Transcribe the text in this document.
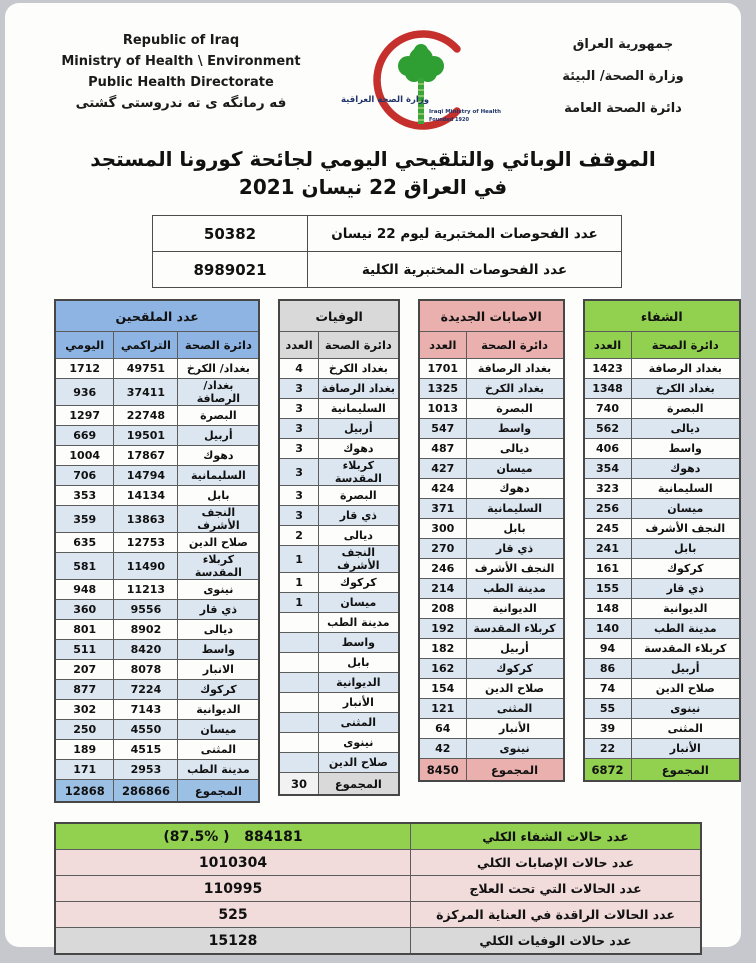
Republic of Iraq
Ministry of Health \ Environment
Public Health Directorate
فه رمانگه ی ته ندروستی گشتی	وزارة الصحة العراقية
Iraqi Ministry of Health
Founded 1920
جمهورية العراق
وزارة الصحة/ البيئة
دائرة الصحة العامة
الموقف الوبائي والتلقيحي اليومي لجائحة كورونا المستجد
في العراق 22 نيسان 2021
50382	عدد الفحوصات المختبرية ليوم 22 نيسان
8989021	عدد الفحوصات المختبرية الكلية
عدد الملقحين		
اليومي	التراكمي	دائرة الصحة
1712	49751	بغداد/ الكرخ
936	37411	بغداد/ الرصافة
1297	22748	البصرة
669	19501	أربيل
1004	17867	دهوك
706	14794	السليمانية
353	14134	بابل
359	13863	النجف الأشرف
635	12753	صلاح الدين
581	11490	كربلاء المقدسة
948	11213	نينوى
360	9556	ذي قار
801	8902	ديالى
511	8420	واسط
207	8078	الانبار
877	7224	كركوك
302	7143	الديوانية
250	4550	ميسان
189	4515	المثنى
171	2953	مدينة الطب
12868	286866	المجموع
الوفيات	
العدد	دائرة الصحة
4	بغداد الكرخ
3	بغداد الرصافة
3	السليمانية
3	أربيل
3	دهوك
3	كربلاء المقدسة
3	البصرة
3	ذي قار
2	ديالى
1	النجف الأشرف
1	كركوك
1	ميسان
	مدينة الطب
	واسط
	بابل
	الديوانية
	الأنبار
	المثنى
	نينوى
	صلاح الدين
30	المجموع
الاصابات الجديدة	
العدد	دائرة الصحة
1701	بغداد الرصافة
1325	بغداد الكرخ
1013	البصرة
547	واسط
487	ديالى
427	ميسان
424	دهوك
371	السليمانية
300	بابل
270	ذي قار
246	النجف الأشرف
214	مدينة الطب
208	الديوانية
192	كربلاء المقدسة
182	أربيل
162	كركوك
154	صلاح الدين
121	المثنى
64	الأنبار
42	نينوى
8450	المجموع
الشفاء	
العدد	دائرة الصحة
1423	بغداد الرصافة
1348	بغداد الكرخ
740	البصرة
562	ديالى
406	واسط
354	دهوك
323	السليمانية
256	ميسان
245	النجف الأشرف
241	بابل
161	كركوك
155	ذي قار
148	الديوانية
140	مدينة الطب
94	كربلاء المقدسة
86	أربيل
74	صلاح الدين
55	نينوى
39	المثنى
22	الأنبار
6872	المجموع
(87.5% )   884181	عدد حالات الشفاء الكلي
1010304	عدد حالات الإصابات الكلي
110995	عدد الحالات التي تحت العلاج
525	عدد الحالات الراقدة في العناية المركزة
15128	عدد حالات الوفيات الكلي
